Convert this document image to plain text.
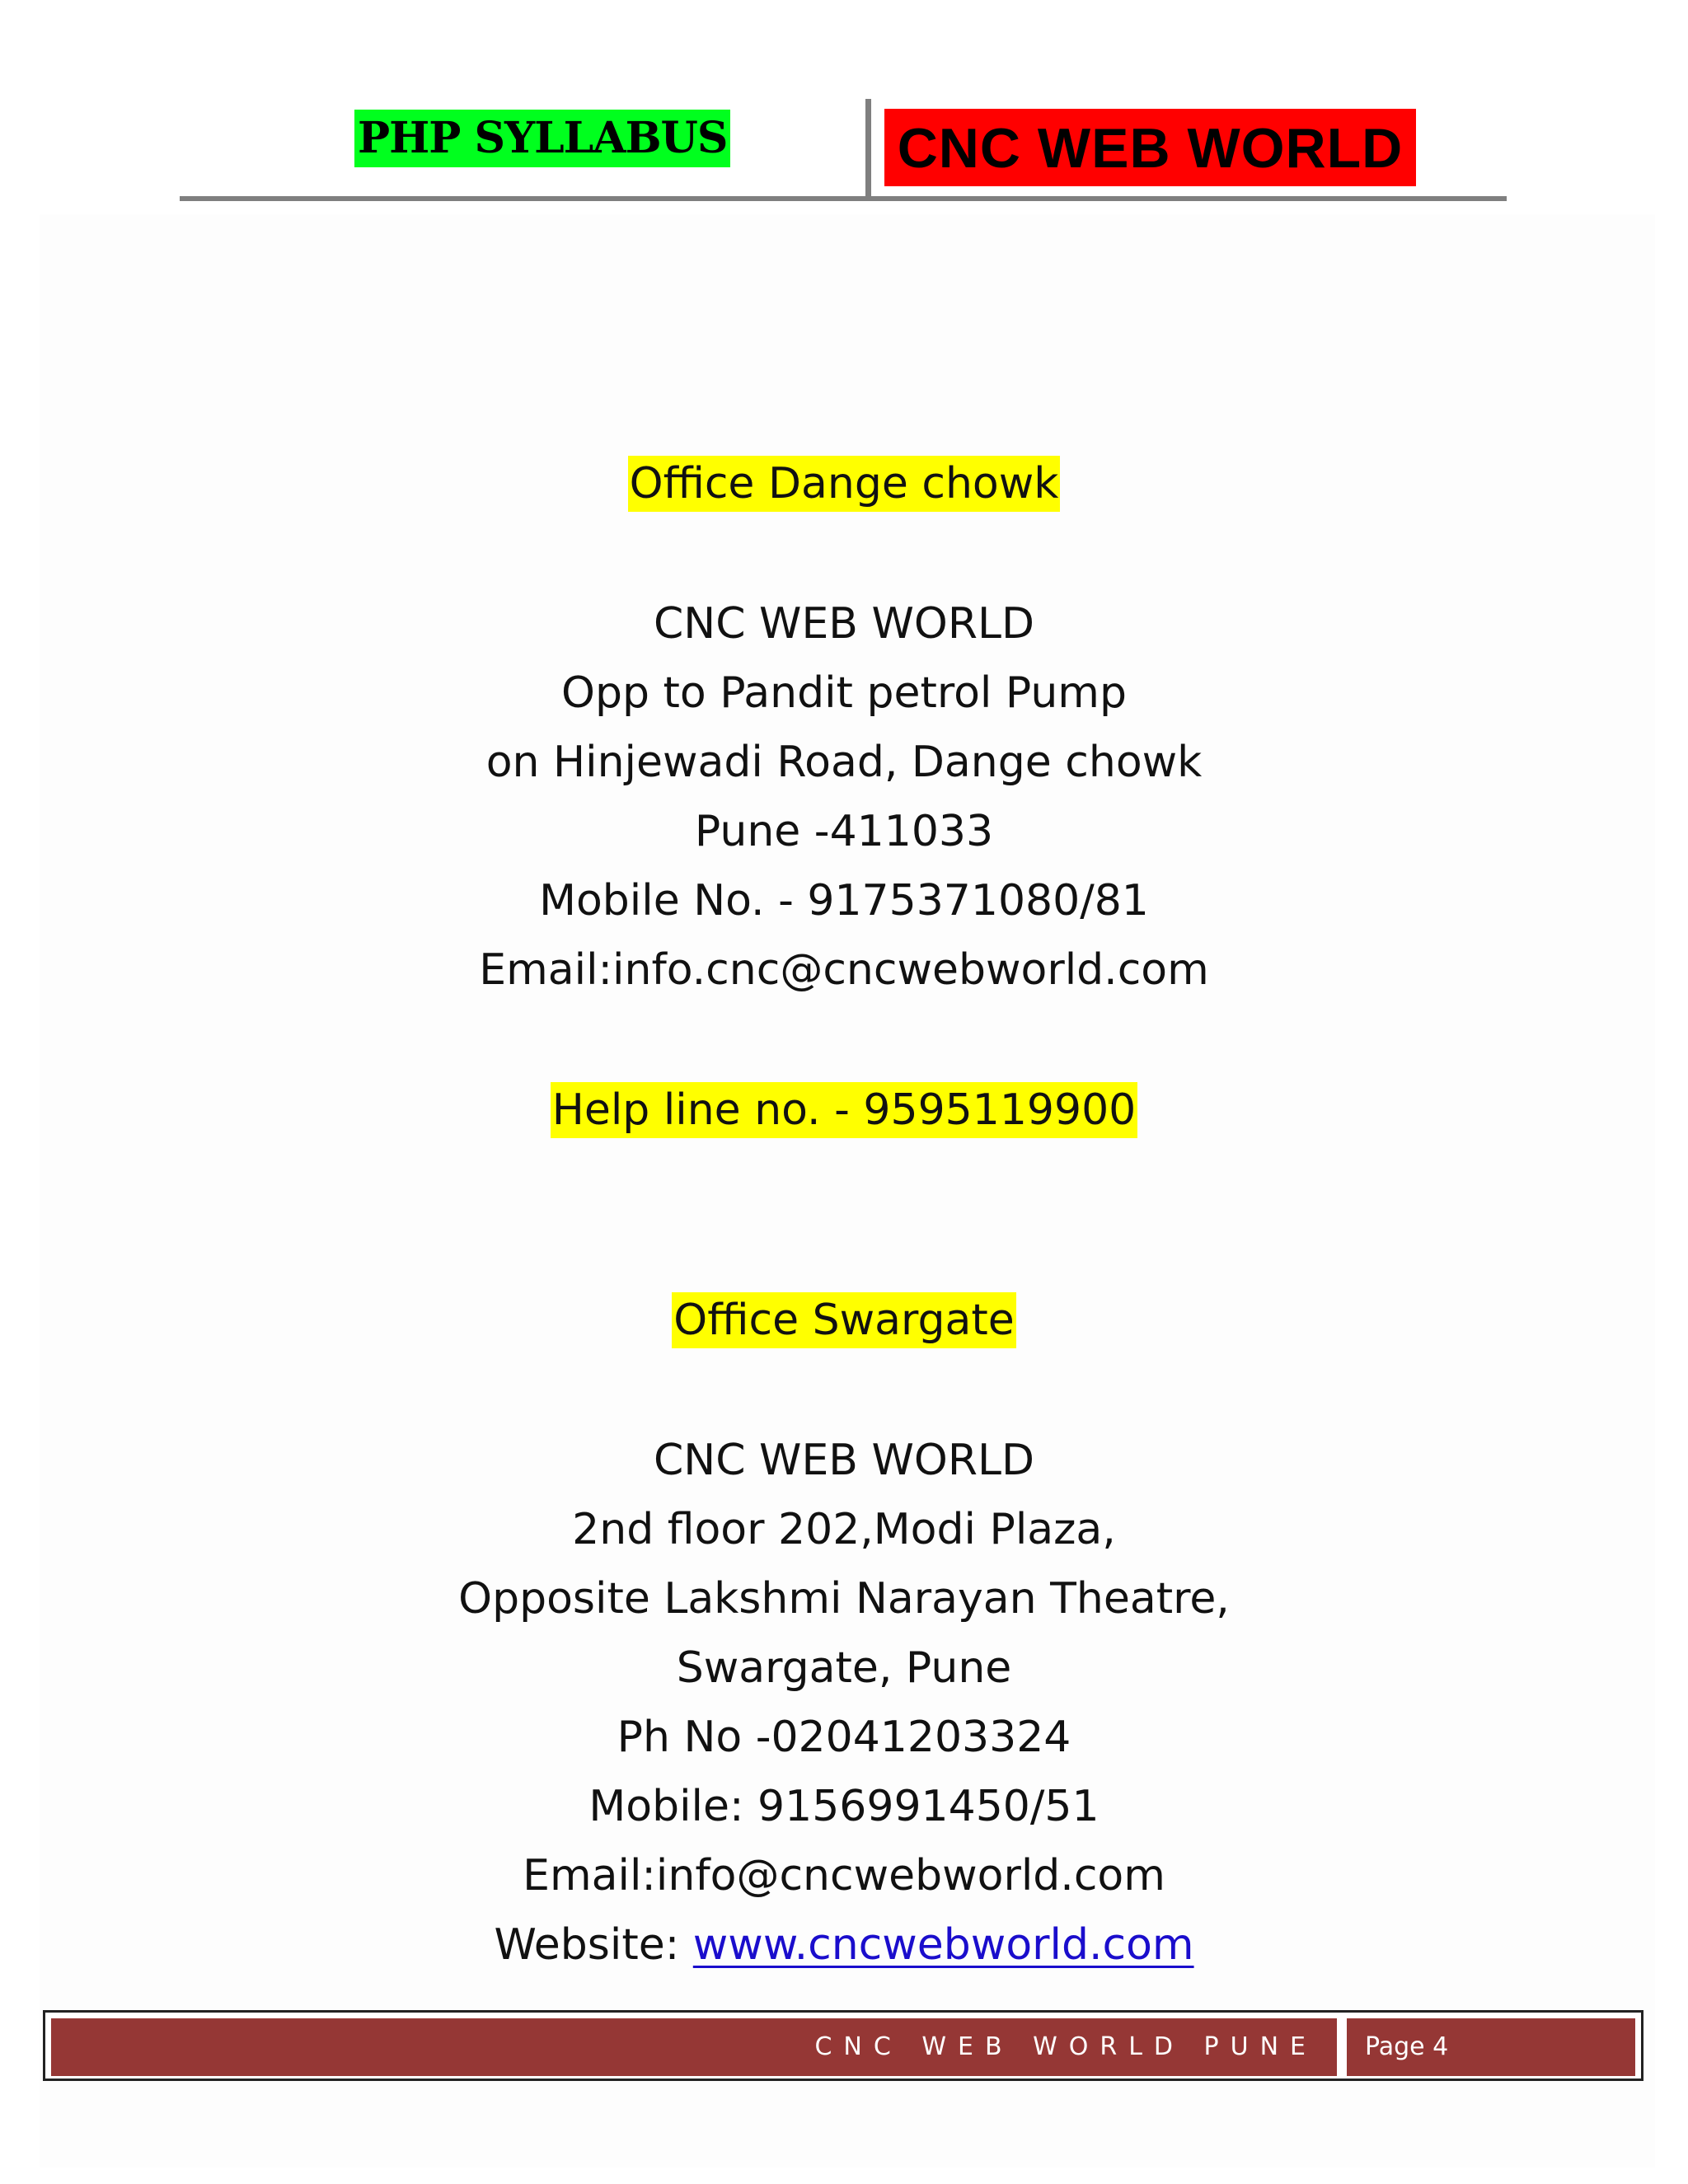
PHP SYLLABUS	CNC WEB WORLD
Office Dange chowk
CNC WEB WORLD
Opp to Pandit petrol Pump
on Hinjewadi Road, Dange chowk
Pune -411033
Mobile No. - 9175371080/81
Email:info.cnc@cncwebworld.com
Help line no. - 9595119900
Office Swargate
CNC WEB WORLD
2nd floor 202,Modi Plaza,
Opposite Lakshmi Narayan Theatre,
Swargate, Pune
Ph No -02041203324
Mobile: 9156991450/51
Email:info@cncwebworld.com
Website: www.cncwebworld.com
CNC WEB WORLD PUNE Page 4
